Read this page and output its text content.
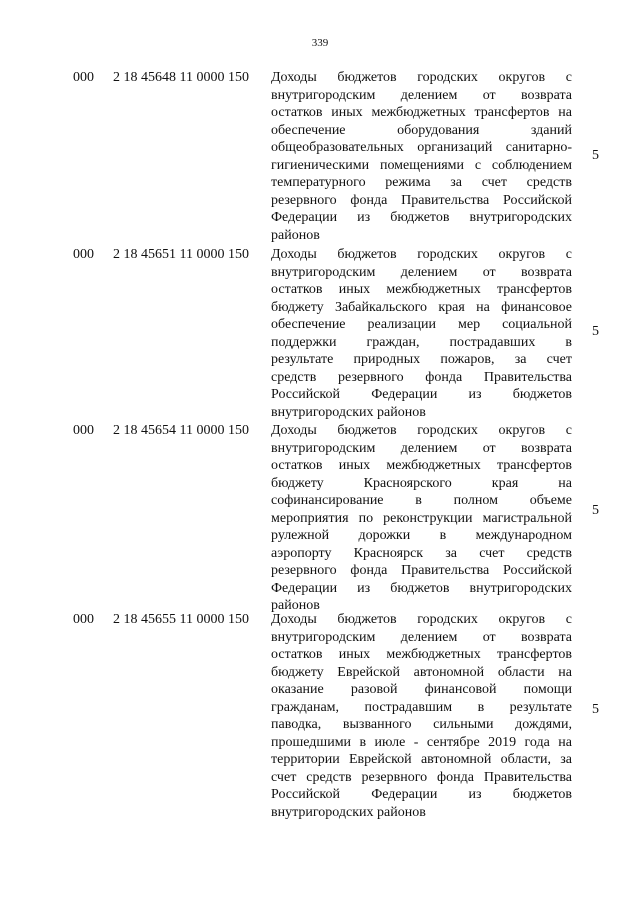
339
000 2 18 45648 11 0000 150 Доходы бюджетов городских округов с
внутригородским делением от возврата
остатков иных межбюджетных трансфертов на
обеспечение оборудования зданий
общеобразовательных организаций санитарно-
гигиеническими помещениями с соблюдением
температурного режима за счет средств
резервного фонда Правительства Российской
Федерации из бюджетов внутригородских
районов
5
000 2 18 45651 11 0000 150 Доходы бюджетов городских округов с
внутригородским делением от возврата
остатков иных межбюджетных трансфертов
бюджету Забайкальского края на финансовое
обеспечение реализации мер социальной
поддержки граждан, пострадавших в
результате природных пожаров, за счет
средств резервного фонда Правительства
Российской Федерации из бюджетов
внутригородских районов
5
000 2 18 45654 11 0000 150 Доходы бюджетов городских округов с
внутригородским делением от возврата
остатков иных межбюджетных трансфертов
бюджету Красноярского края на
софинансирование в полном объеме
мероприятия по реконструкции магистральной
рулежной дорожки в международном
аэропорту Красноярск за счет средств
резервного фонда Правительства Российской
Федерации из бюджетов внутригородских
районов
5
000 2 18 45655 11 0000 150 Доходы бюджетов городских округов с
внутригородским делением от возврата
остатков иных межбюджетных трансфертов
бюджету Еврейской автономной области на
оказание разовой финансовой помощи
гражданам, пострадавшим в результате
паводка, вызванного сильными дождями,
прошедшими в июле - сентябре 2019 года на
территории Еврейской автономной области, за
счет средств резервного фонда Правительства
Российской Федерации из бюджетов
внутригородских районов
5
